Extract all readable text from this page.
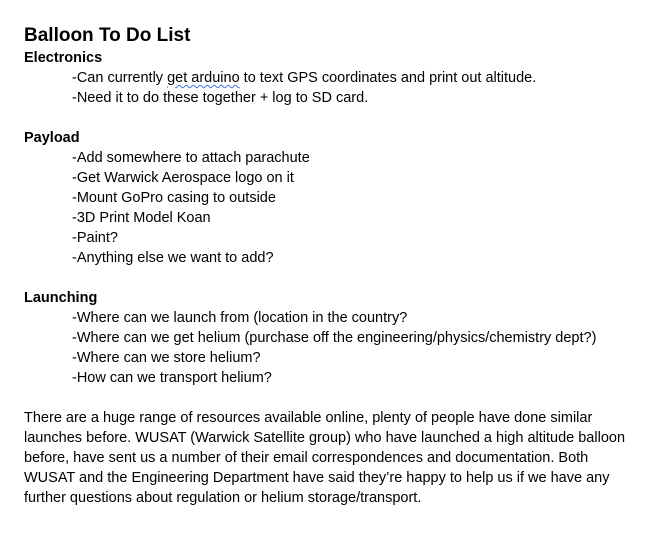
Balloon To Do List
Electronics
-Can currently get arduino to text GPS coordinates and print out altitude.
-Need it to do these together + log to SD card.
Payload
-Add somewhere to attach parachute
-Get Warwick Aerospace logo on it
-Mount GoPro casing to outside
-3D Print Model Koan
-Paint?
-Anything else we want to add?
Launching
-Where can we launch from (location in the country?
-Where can we get helium (purchase off the engineering/physics/chemistry dept?)
-Where can we store helium?
-How can we transport helium?

There are a huge range of resources available online, plenty of people have done similar launches before. WUSAT (Warwick Satellite group) who have launched a high altitude balloon before, have sent us a number of their email correspondences and documentation. Both WUSAT and the Engineering Department have said they’re happy to help us if we have any further questions about regulation or helium storage/transport.
